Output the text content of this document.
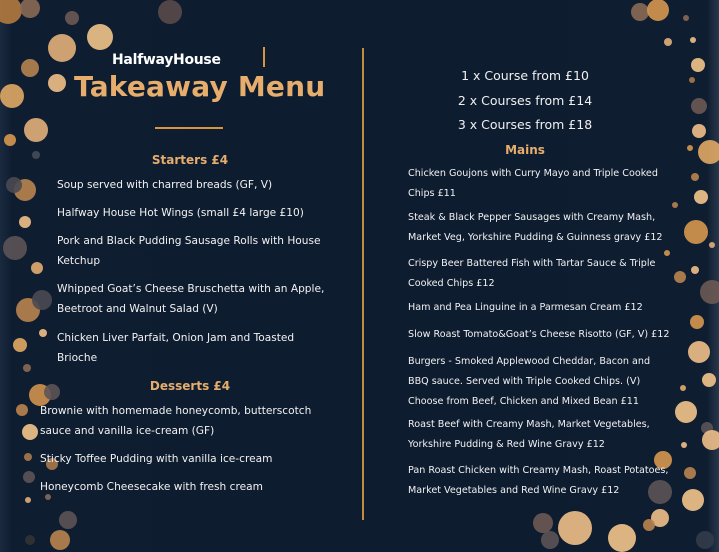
HalfwayHouse
Takeaway Menu
Starters £4
Soup served with charred breads (GF, V)
Halfway House Hot Wings (small £4 large £10)
Pork and Black Pudding Sausage Rolls with House Ketchup
Whipped Goat’s Cheese Bruschetta with an Apple, Beetroot and Walnut Salad (V)
Chicken Liver Parfait, Onion Jam and Toasted Brioche
Desserts £4
Brownie with homemade honeycomb, butterscotch sauce and vanilla ice-cream (GF)
Sticky Toffee Pudding with vanilla ice-cream
Honeycomb Cheesecake with fresh cream
1 x Course from £10
2 x Courses from £14
3 x Courses from £18
Mains
Chicken Goujons with Curry Mayo and Triple Cooked Chips £11
Steak & Black Pepper Sausages with Creamy Mash, Market Veg, Yorkshire Pudding & Guinness gravy £12
Crispy Beer Battered Fish with Tartar Sauce & Triple Cooked Chips £12
Ham and Pea Linguine in a Parmesan Cream £12
Slow Roast Tomato&Goat’s Cheese Risotto (GF, V) £12
Burgers - Smoked Applewood Cheddar, Bacon and BBQ sauce. Served with Triple Cooked Chips. (V) Choose from Beef, Chicken and Mixed Bean £11
Roast Beef with Creamy Mash, Market Vegetables, Yorkshire Pudding & Red Wine Gravy £12
Pan Roast Chicken with Creamy Mash, Roast Potatoes, Market Vegetables and Red Wine Gravy £12
